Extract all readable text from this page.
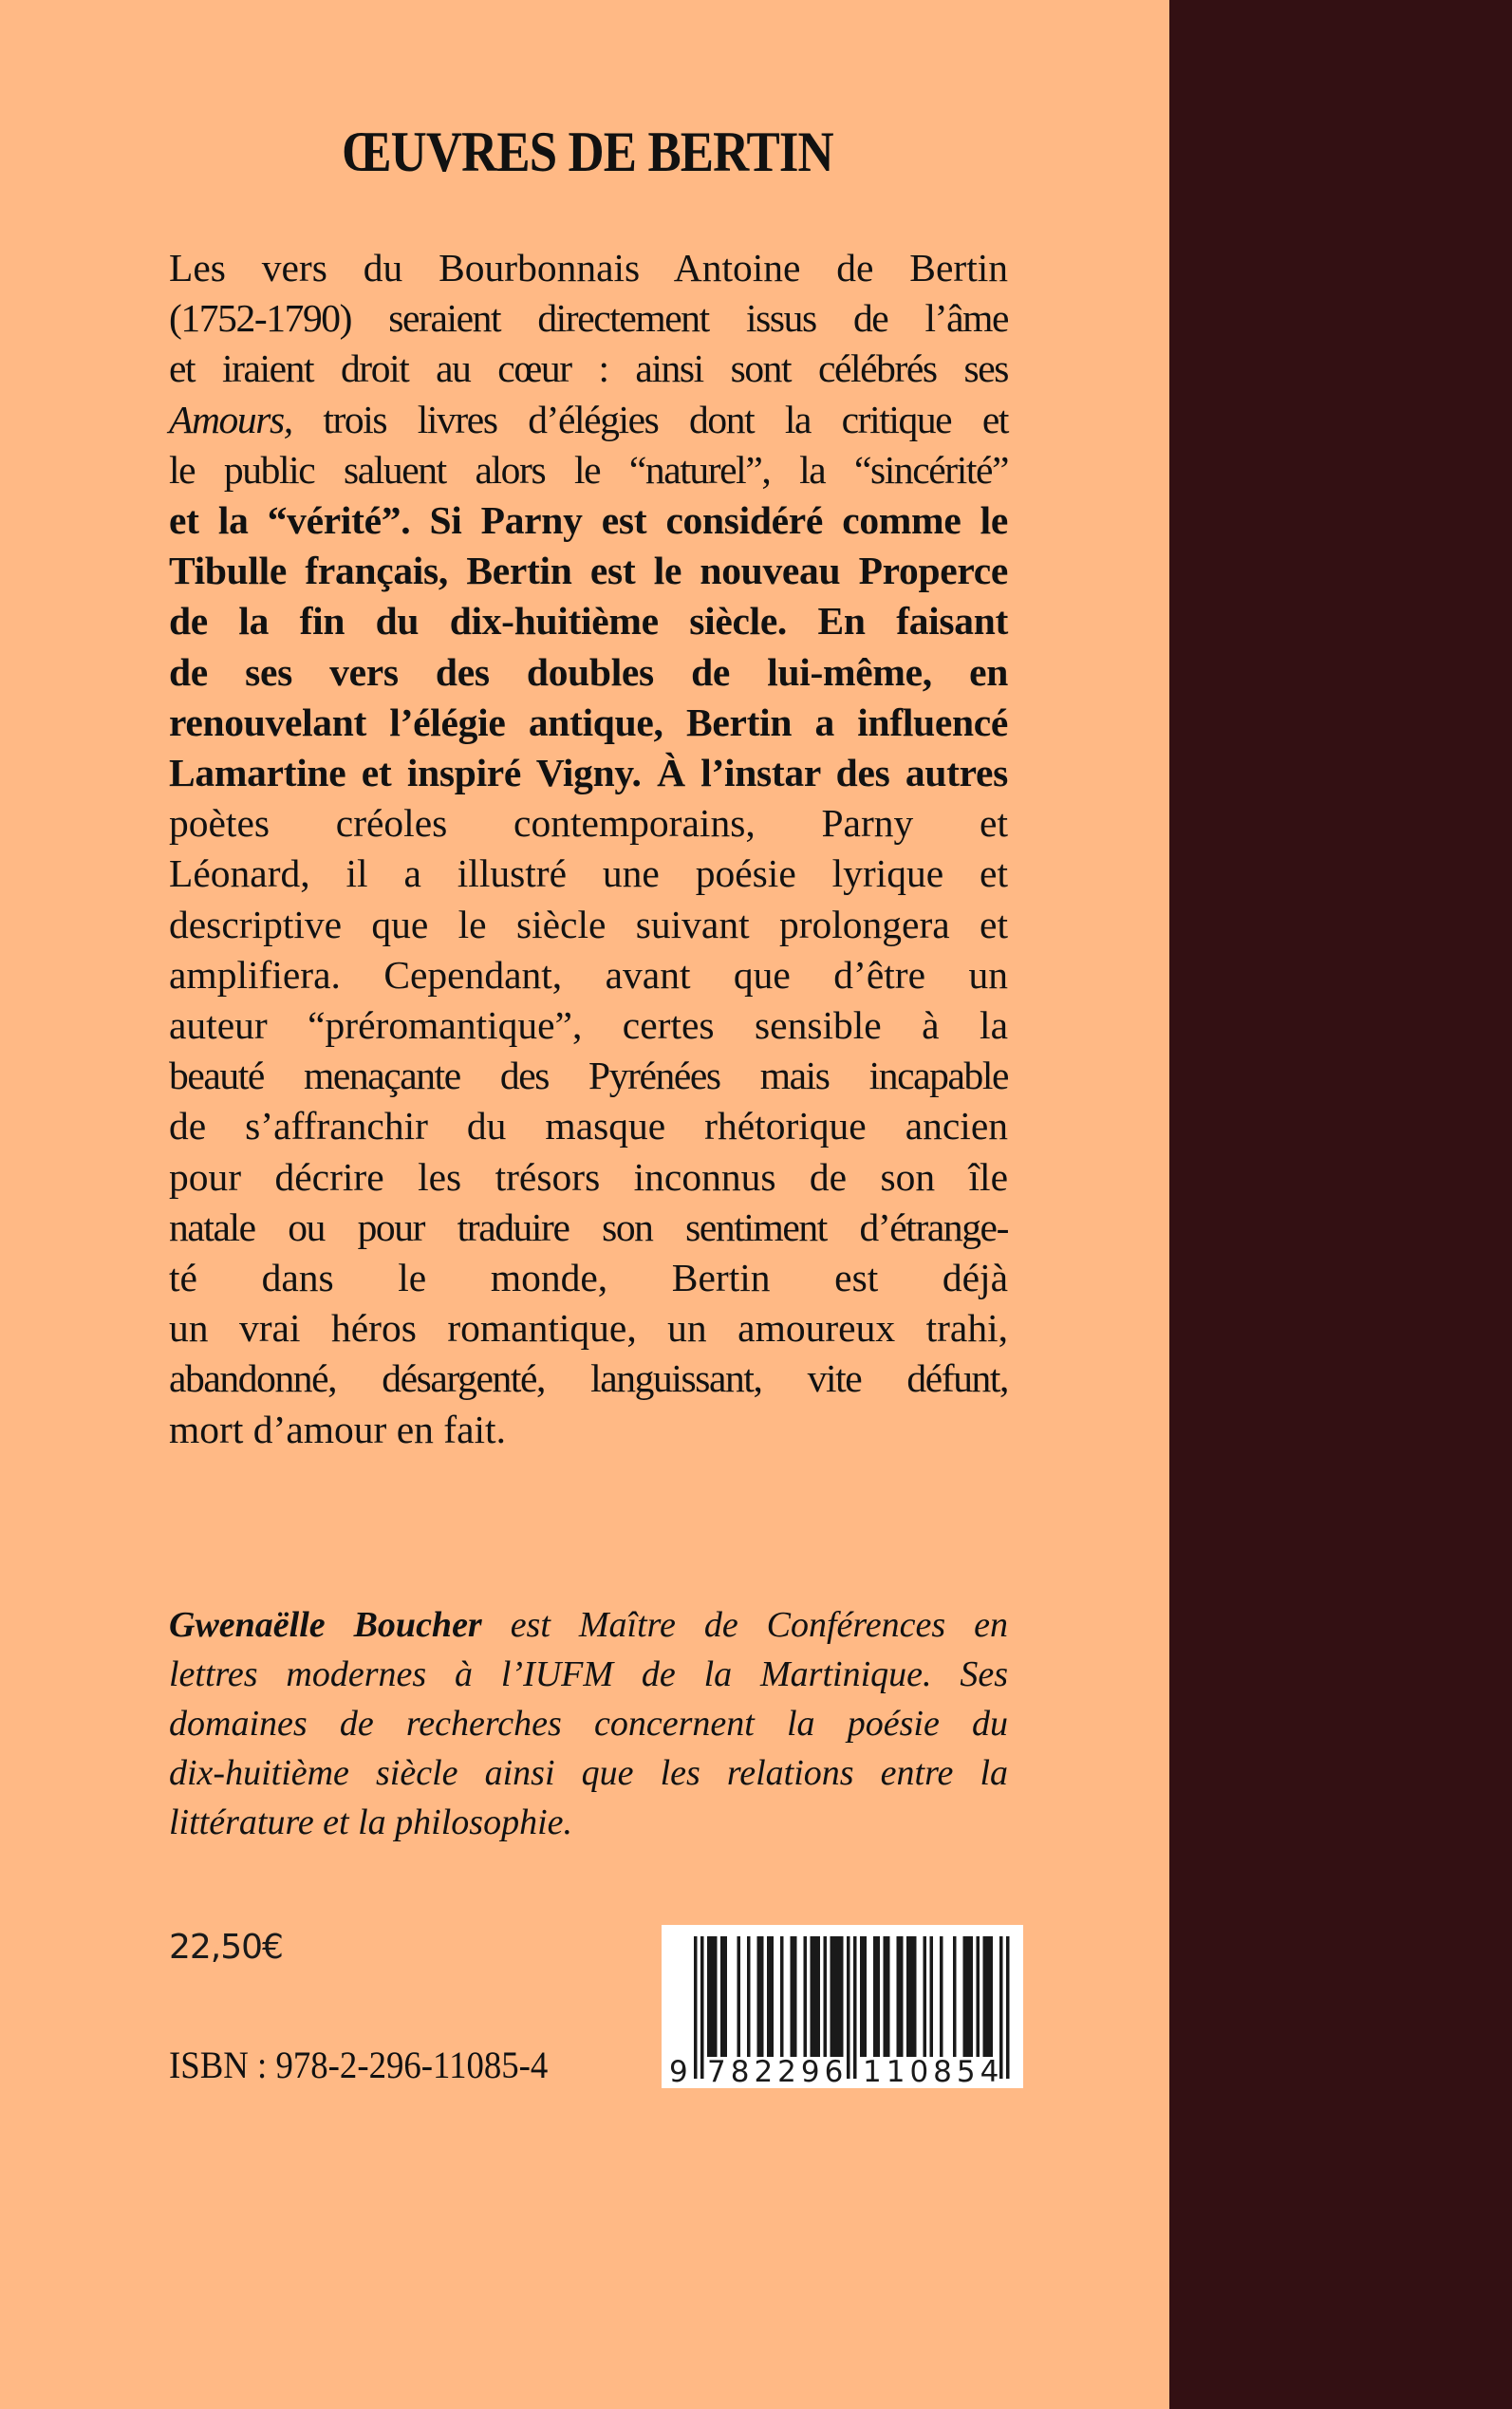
ŒUVRES DE BERTIN
Les vers du Bourbonnais Antoine de Bertin
(1752-1790) seraient directement issus de l’âme
et iraient droit au cœur : ainsi sont célébrés ses
Amours, trois livres d’élégies dont la critique et
le public saluent alors le “naturel”, la “sincérité”
et la “vérité”. Si Parny est considéré comme le
Tibulle français, Bertin est le nouveau Properce
de la fin du dix-huitième siècle. En faisant
de ses vers des doubles de lui-même, en
renouvelant l’élégie antique, Bertin a influencé
Lamartine et inspiré Vigny. À l’instar des autres
poètes créoles contemporains, Parny et
Léonard, il a illustré une poésie lyrique et
descriptive que le siècle suivant prolongera et
amplifiera. Cependant, avant que d’être un
auteur “préromantique”, certes sensible à la
beauté menaçante des Pyrénées mais incapable
de s’affranchir du masque rhétorique ancien
pour décrire les trésors inconnus de son île
natale ou pour traduire son sentiment d’étrange-
té dans le monde, Bertin est déjà
un vrai héros romantique, un amoureux trahi,
abandonné, désargenté, languissant, vite défunt,
mort d’amour en fait.
Gwenaëlle Boucher est Maître de Conférences en
lettres modernes à l’IUFM de la Martinique. Ses
domaines de recherches concernent la poésie du
dix-huitième siècle ainsi que les relations entre la
littérature et la philosophie.
22,50€
ISBN : 978-2-296-11085-4	9 782296 110854
